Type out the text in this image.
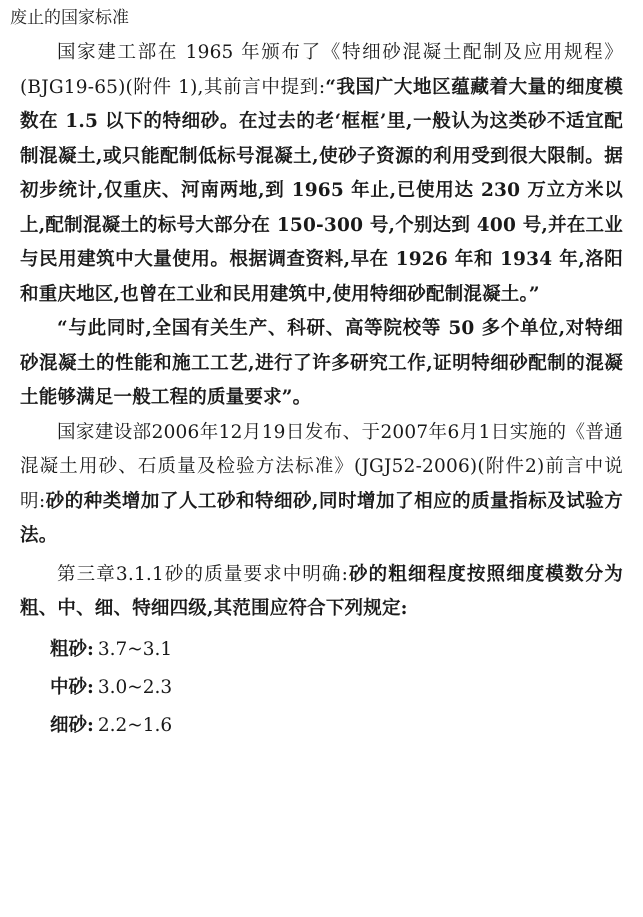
废止的国家标准

国家建工部在 1965 年颁布了《特细砂混凝土配制及应用规程》(BJG19-65)(附件 1),其前言中提到:“我国广大地区蕴藏着大量的细度模数在 1.5 以下的特细砂。在过去的老‘框框’里,一般认为这类砂不适宜配制混凝土,或只能配制低标号混凝土,使砂子资源的利用受到很大限制。据初步统计,仅重庆、河南两地,到 1965 年止,已使用达 230 万立方米以上,配制混凝土的标号大部分在 150-300 号,个别达到 400 号,并在工业与民用建筑中大量使用。根据调查资料,早在 1926 年和 1934 年,洛阳和重庆地区,也曾在工业和民用建筑中,使用特细砂配制混凝土。”

“与此同时,全国有关生产、科研、高等院校等 50 多个单位,对特细砂混凝土的性能和施工工艺,进行了许多研究工作,证明特细砂配制的混凝土能够满足一般工程的质量要求”。

国家建设部2006年12月19日发布、于2007年6月1日实施的《普通混凝土用砂、石质量及检验方法标准》(JGJ52-2006)(附件2)前言中说明:砂的种类增加了人工砂和特细砂,同时增加了相应的质量指标及试验方法。

第三章3.1.1砂的质量要求中明确:砂的粗细程度按照细度模数分为粗、中、细、特细四级,其范围应符合下列规定:

粗砂: 3.7~3.1
中砂: 3.0~2.3
细砂: 2.2~1.6
